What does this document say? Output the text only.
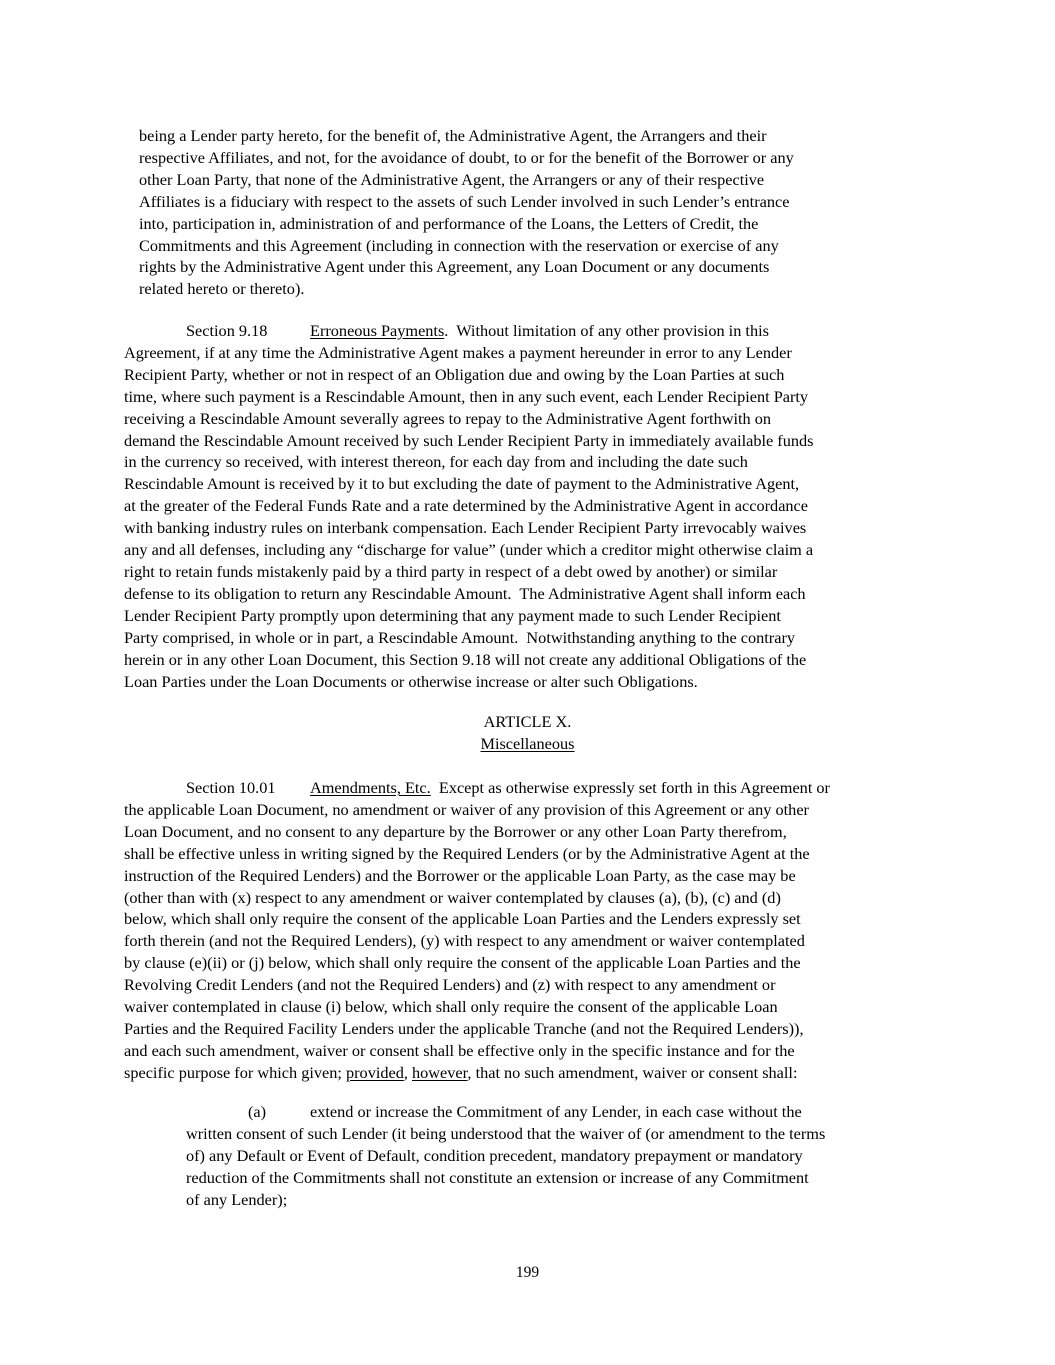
being a Lender party hereto, for the benefit of, the Administrative Agent, the Arrangers and their
respective Affiliates, and not, for the avoidance of doubt, to or for the benefit of the Borrower or any
other Loan Party, that none of the Administrative Agent, the Arrangers or any of their respective
Affiliates is a fiduciary with respect to the assets of such Lender involved in such Lender’s entrance
into, participation in, administration of and performance of the Loans, the Letters of Credit, the
Commitments and this Agreement (including in connection with the reservation or exercise of any
rights by the Administrative Agent under this Agreement, any Loan Document or any documents
related hereto or thereto).
Section 9.18	Erroneous Payments.  Without limitation of any other provision in this
Agreement, if at any time the Administrative Agent makes a payment hereunder in error to any Lender
Recipient Party, whether or not in respect of an Obligation due and owing by the Loan Parties at such
time, where such payment is a Rescindable Amount, then in any such event, each Lender Recipient Party
receiving a Rescindable Amount severally agrees to repay to the Administrative Agent forthwith on
demand the Rescindable Amount received by such Lender Recipient Party in immediately available funds
in the currency so received, with interest thereon, for each day from and including the date such
Rescindable Amount is received by it to but excluding the date of payment to the Administrative Agent,
at the greater of the Federal Funds Rate and a rate determined by the Administrative Agent in accordance
with banking industry rules on interbank compensation. Each Lender Recipient Party irrevocably waives
any and all defenses, including any “discharge for value” (under which a creditor might otherwise claim a
right to retain funds mistakenly paid by a third party in respect of a debt owed by another) or similar
defense to its obligation to return any Rescindable Amount.  The Administrative Agent shall inform each
Lender Recipient Party promptly upon determining that any payment made to such Lender Recipient
Party comprised, in whole or in part, a Rescindable Amount.  Notwithstanding anything to the contrary
herein or in any other Loan Document, this Section 9.18 will not create any additional Obligations of the
Loan Parties under the Loan Documents or otherwise increase or alter such Obligations.
ARTICLE X.
Miscellaneous
Section 10.01 Amendments, Etc.  Except as otherwise expressly set forth in this Agreement or
the applicable Loan Document, no amendment or waiver of any provision of this Agreement or any other
Loan Document, and no consent to any departure by the Borrower or any other Loan Party therefrom,
shall be effective unless in writing signed by the Required Lenders (or by the Administrative Agent at the
instruction of the Required Lenders) and the Borrower or the applicable Loan Party, as the case may be
(other than with (x) respect to any amendment or waiver contemplated by clauses (a), (b), (c) and (d)
below, which shall only require the consent of the applicable Loan Parties and the Lenders expressly set
forth therein (and not the Required Lenders), (y) with respect to any amendment or waiver contemplated
by clause (e)(ii) or (j) below, which shall only require the consent of the applicable Loan Parties and the
Revolving Credit Lenders (and not the Required Lenders) and (z) with respect to any amendment or
waiver contemplated in clause (i) below, which shall only require the consent of the applicable Loan
Parties and the Required Facility Lenders under the applicable Tranche (and not the Required Lenders)),
and each such amendment, waiver or consent shall be effective only in the specific instance and for the
specific purpose for which given; provided, however, that no such amendment, waiver or consent shall:
(a)	extend or increase the Commitment of any Lender, in each case without the
written consent of such Lender (it being understood that the waiver of (or amendment to the terms
of) any Default or Event of Default, condition precedent, mandatory prepayment or mandatory
reduction of the Commitments shall not constitute an extension or increase of any Commitment
of any Lender);
199
